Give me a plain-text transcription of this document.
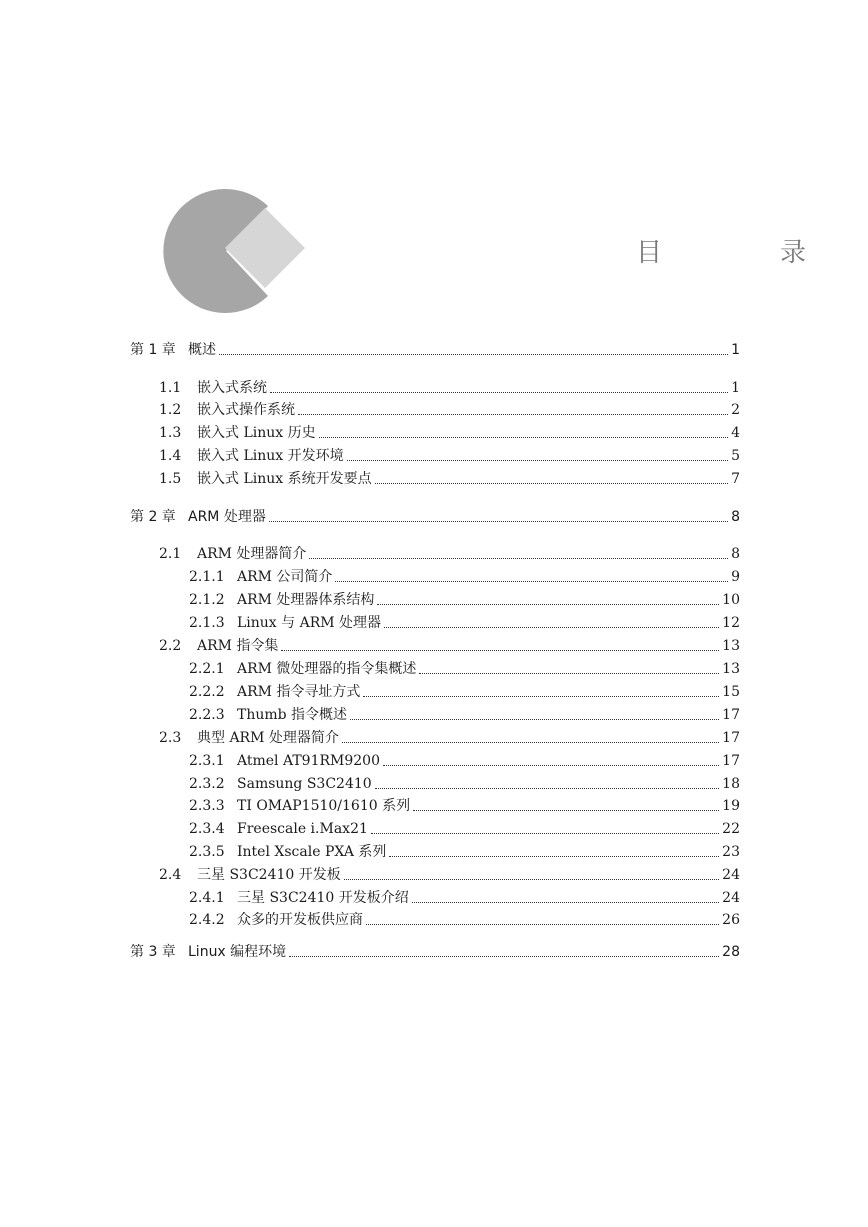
目　录
第 1 章 概述	1
1.1	嵌入式系统	1
1.2	嵌入式操作系统	2
1.3	嵌入式 Linux 历史	4
1.4	嵌入式 Linux 开发环境	5
1.5	嵌入式 Linux 系统开发要点	7
第 2 章 ARM 处理器	8
2.1	ARM 处理器简介	8
2.1.1 ARM 公司简介	9
2.1.2 ARM 处理器体系结构	10
2.1.3 Linux 与 ARM 处理器	12
2.2	ARM 指令集	13
2.2.1 ARM 微处理器的指令集概述	13
2.2.2 ARM 指令寻址方式	15
2.2.3 Thumb 指令概述	17
2.3	典型 ARM 处理器简介	17
2.3.1 Atmel AT91RM9200	17
2.3.2 Samsung S3C2410	18
2.3.3 TI OMAP1510/1610 系列	19
2.3.4 Freescale i.Max21	22
2.3.5 Intel Xscale PXA 系列	23
2.4	三星 S3C2410 开发板	24
2.4.1 三星 S3C2410 开发板介绍	24
2.4.2 众多的开发板供应商	26
第 3 章 Linux 编程环境	28
